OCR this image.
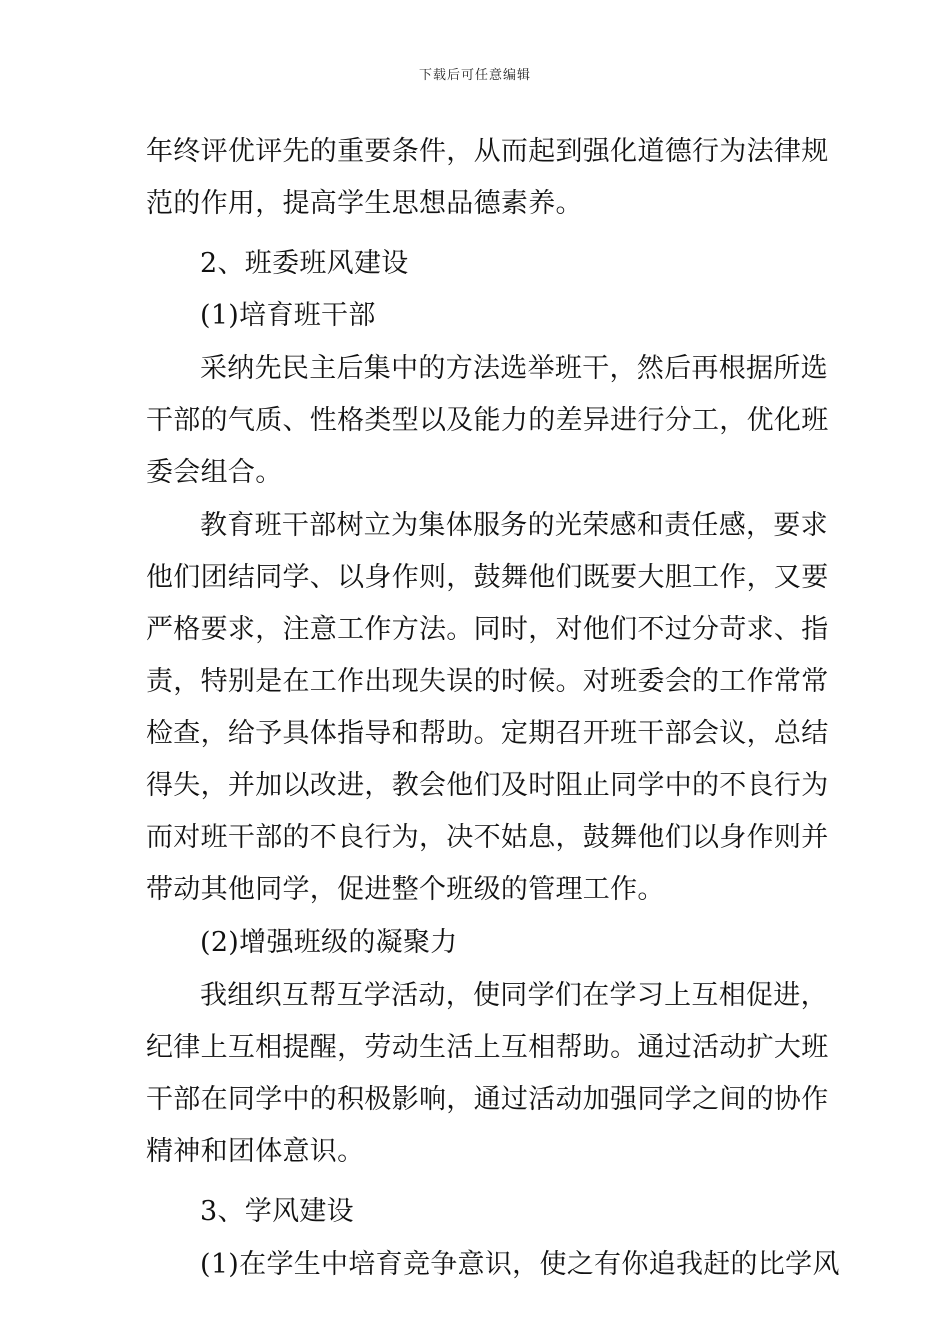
下载后可任意编辑
年终评优评先的重要条件，从而起到强化道德行为法律规
范的作用，提高学生思想品德素养。
2、班委班风建设
(1)培育班干部
采纳先民主后集中的方法选举班干，然后再根据所选
干部的气质、性格类型以及能力的差异进行分工，优化班
委会组合。
教育班干部树立为集体服务的光荣感和责任感，要求
他们团结同学、以身作则，鼓舞他们既要大胆工作，又要
严格要求，注意工作方法。同时，对他们不过分苛求、指
责，特别是在工作出现失误的时候。对班委会的工作常常
检查，给予具体指导和帮助。定期召开班干部会议，总结
得失，并加以改进，教会他们及时阻止同学中的不良行为
而对班干部的不良行为，决不姑息，鼓舞他们以身作则并
带动其他同学，促进整个班级的管理工作。
(2)增强班级的凝聚力
我组织互帮互学活动，使同学们在学习上互相促进，
纪律上互相提醒，劳动生活上互相帮助。通过活动扩大班
干部在同学中的积极影响，通过活动加强同学之间的协作
精神和团体意识。
3、学风建设
(1)在学生中培育竞争意识，使之有你追我赶的比学风
